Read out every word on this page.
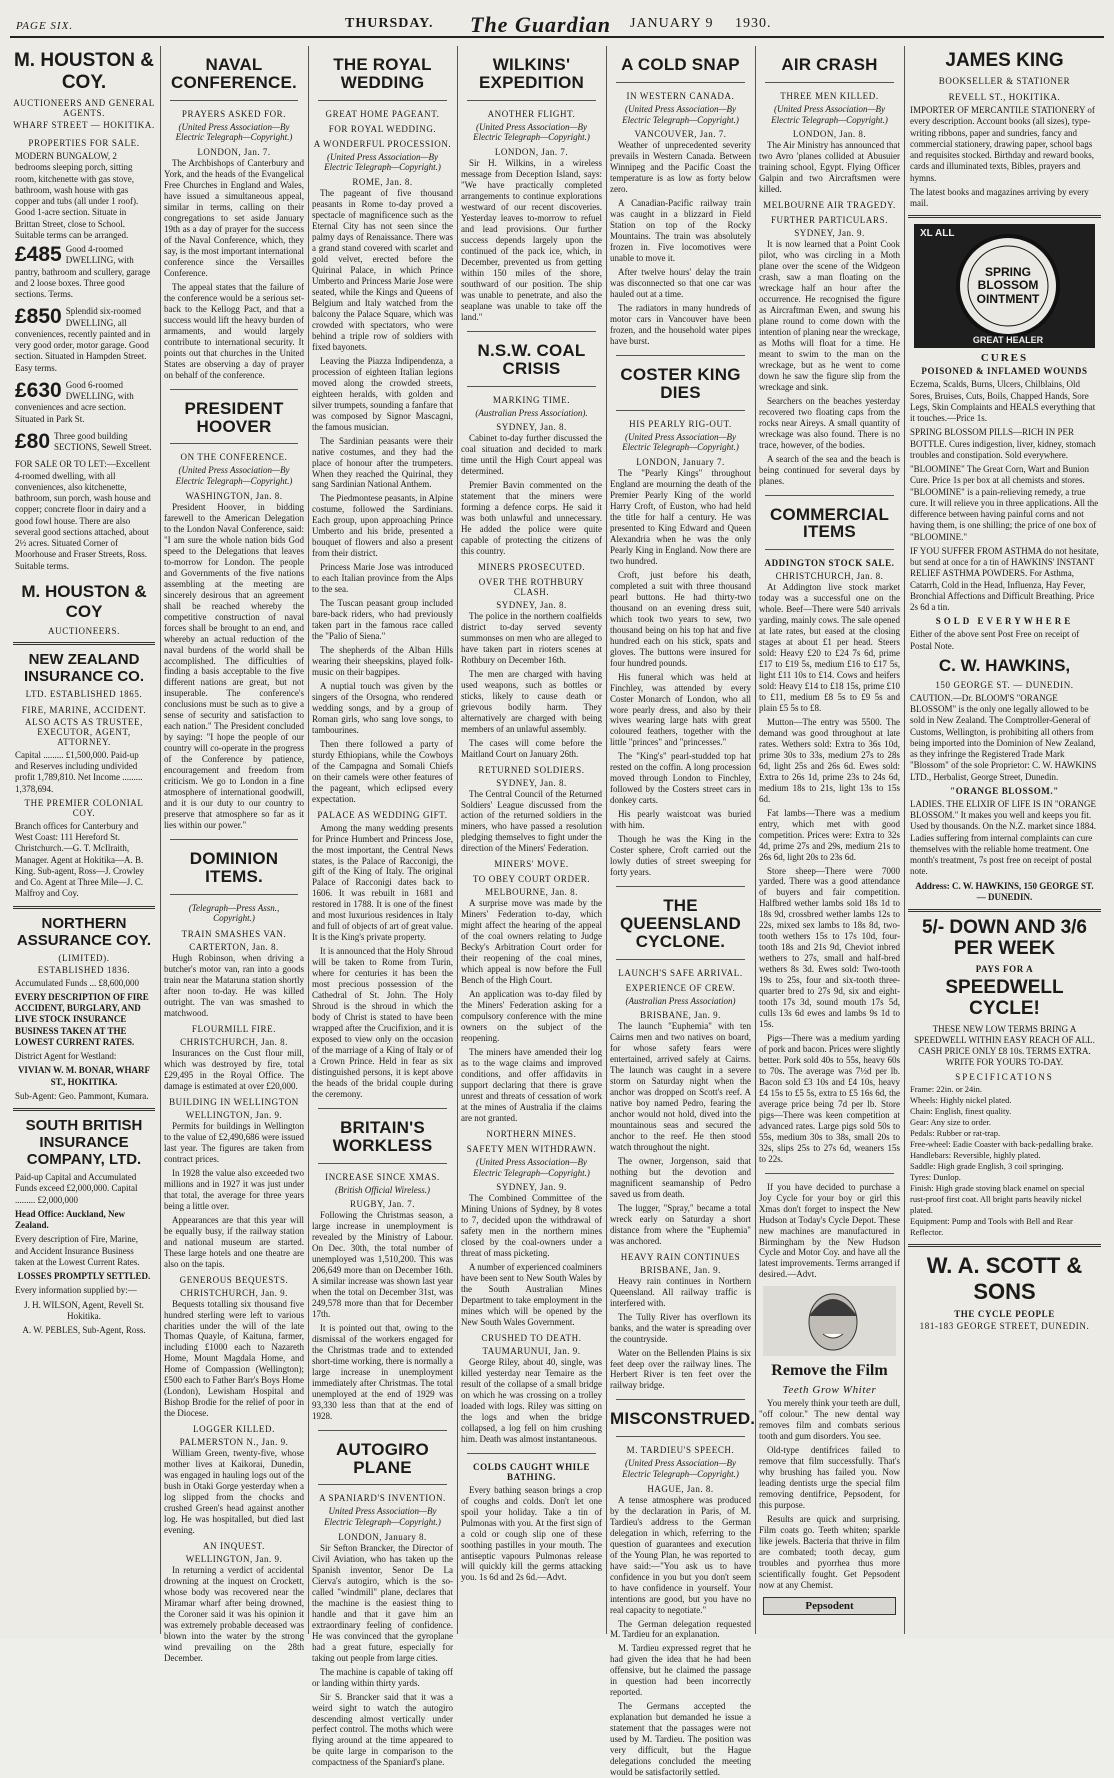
PAGE SIX.	THURSDAY. The Guardian JANUARY 9 1930.
M. HOUSTON & COY.
AUCTIONEERS AND GENERAL AGENTS.
WHARF STREET — HOKITIKA.
PROPERTIES FOR SALE.
MODERN BUNGALOW, 2 bedrooms sleeping porch, sitting room, kitchenette with gas stove, bathroom, wash house with gas copper and tubs (all under 1 roof). Good 1-acre section. Situate in Brittan Street, close to School. Suitable terms can be arranged.
£485 Good 4-roomed DWELLING, with pantry, bathroom and scullery, garage and 2 loose boxes. Three good sections. Terms.
£850 Splendid six-roomed DWELLING, all conveniences, recently painted and in very good order, motor garage. Good section. Situated in Hampden Street. Easy terms.
£630 Good 6-roomed DWELLING, with conveniences and acre section. Situated in Park St.
£80 Three good building SECTIONS, Sewell Street.
FOR SALE OR TO LET:—Excellent 4-roomed dwelling, with all conveniences, also kitchenette, bathroom, sun porch, wash house and copper; concrete floor in dairy and a good fowl house. There are also several good sections attached, about 2½ acres. Situated Corner of Moorhouse and Fraser Streets, Ross. Suitable terms.
M. HOUSTON & COY
AUCTIONEERS.
NEW ZEALAND INSURANCE CO.
LTD. ESTABLISHED 1865.
FIRE, MARINE, ACCIDENT.
ALSO ACTS AS TRUSTEE, EXECUTOR, AGENT, ATTORNEY.
Capital ......... £1,500,000. Paid-up and Reserves including undivided profit 1,789,810. Net Income ......... 1,378,694.
THE PREMIER COLONIAL COY.
Branch offices for Canterbury and West Coast: 111 Hereford St. Christchurch.—G. T. McIlraith, Manager. Agent at Hokitika—A. B. King. Sub-agent, Ross—J. Crowley and Co. Agent at Three Mile—J. C. Malfroy and Coy.
NORTHERN ASSURANCE COY.
(LIMITED).
ESTABLISHED 1836.
Accumulated Funds ... £8,600,000
EVERY DESCRIPTION OF FIRE ACCIDENT, BURGLARY, AND LIVE STOCK INSURANCE BUSINESS TAKEN AT THE LOWEST CURRENT RATES.
District Agent for Westland:
VIVIAN W. M. BONAR, WHARF ST., HOKITIKA.
Sub-Agent: Geo. Pammont, Kumara.
SOUTH BRITISH INSURANCE COMPANY, LTD.
Paid-up Capital and Accumulated Funds exceed £2,000,000. Capital ......... £2,000,000
Head Office: Auckland, New Zealand.
Every description of Fire, Marine, and Accident Insurance Business taken at the Lowest Current Rates.
LOSSES PROMPTLY SETTLED.
Every information supplied by:—
J. H. WILSON, Agent, Revell St. Hokitika.
A. W. PEBLES, Sub-Agent, Ross.
NAVAL CONFERENCE.
PRAYERS ASKED FOR.
(United Press Association—By Electric Telegraph—Copyright.)
LONDON, Jan. 7.
The Archbishops of Canterbury and York, and the heads of the Evangelical Free Churches in England and Wales, have issued a simultaneous appeal, similar in terms, calling on their congregations to set aside January 19th as a day of prayer for the success of the Naval Conference, which, they say, is the most important international conference since the Versailles Conference.
The appeal states that the failure of the conference would be a serious set-back to the Kellogg Pact, and that a success would lift the heavy burden of armaments, and would largely contribute to international security. It points out that churches in the United States are observing a day of prayer on behalf of the conference.
PRESIDENT HOOVER
ON THE CONFERENCE.
(United Press Association—By Electric Telegraph—Copyright.)
WASHINGTON, Jan. 8.
President Hoover, in bidding farewell to the American Delegation to the London Naval Conference, said: "I am sure the whole nation bids God speed to the Delegations that leaves to-morrow for London. The people and Governments of the five nations assembling at the meeting are sincerely desirous that an agreement shall be reached whereby the competitive construction of naval forces shall be brought to an end, and whereby an actual reduction of the naval burdens of the world shall be accomplished. The difficulties of finding a basis acceptable to the five different nations are great, but not insuperable. The conference's conclusions must be such as to give a sense of security and satisfaction to each nation." The President concluded by saying: "I hope the people of our country will co-operate in the progress of the Conference by patience, encouragement and freedom from criticism. We go to London in a fine atmosphere of international goodwill, and it is our duty to our country to preserve that atmosphere so far as it lies within our power."
DOMINION ITEMS.
(Telegraph—Press Assn., Copyright.)
TRAIN SMASHES VAN.
CARTERTON, Jan. 8.
Hugh Robinson, when driving a butcher's motor van, ran into a goods train near the Mataruna station shortly after noon to-day. He was killed outright. The van was smashed to matchwood.
FLOURMILL FIRE.
CHRISTCHURCH, Jan. 8.
Insurances on the Cust flour mill, which was destroyed by fire, total £29,495 in the Royal Office. The damage is estimated at over £20,000.
BUILDING IN WELLINGTON
WELLINGTON, Jan. 9.
Permits for buildings in Wellington to the value of £2,490,686 were issued last year. The figures are taken from contract prices.
In 1928 the value also exceeded two millions and in 1927 it was just under that total, the average for three years being a little over.
Appearances are that this year will be equally busy, if the railway station and national museum are started. These large hotels and one theatre are also on the tapis.
GENEROUS BEQUESTS.
CHRISTCHURCH, Jan. 9.
Bequests totalling six thousand five hundred sterling were left to various charities under the will of the late Thomas Quayle, of Kaituna, farmer, including £1000 each to Nazareth Home, Mount Magdala Home, and Home of Compassion (Wellington); £500 each to Father Barr's Boys Home (London), Lewisham Hospital and Bishop Brodie for the relief of poor in the Diocese.
LOGGER KILLED.
PALMERSTON N., Jan. 9.
William Green, twenty-five, whose mother lives at Kaikorai, Dunedin, was engaged in hauling logs out of the bush in Otaki Gorge yesterday when a log slipped from the chocks and crushed Green's head against another log. He was hospitalled, but died last evening.
AN INQUEST.
WELLINGTON, Jan. 9.
In returning a verdict of accidental drowning at the inquest on Crockett, whose body was recovered near the Miramar wharf after being drowned, the Coroner said it was his opinion it was extremely probable deceased was blown into the water by the strong wind prevailing on the 28th December.
THE ROYAL WEDDING
GREAT HOME PAGEANT.
FOR ROYAL WEDDING.
A WONDERFUL PROCESSION.
(United Press Association—By Electric Telegraph—Copyright.)
ROME, Jan. 8.
The pageant of five thousand peasants in Rome to-day proved a spectacle of magnificence such as the Eternal City has not seen since the palmy days of Renaissance. There was a grand stand covered with scarlet and gold velvet, erected before the Quirinal Palace, in which Prince Umberto and Princess Marie Jose were seated, while the Kings and Queens of Belgium and Italy watched from the balcony the Palace Square, which was crowded with spectators, who were behind a triple row of soldiers with fixed bayonets.
Leaving the Piazza Indipendenza, a procession of eighteen Italian legions moved along the crowded streets, eighteen heralds, with golden and silver trumpets, sounding a fanfare that was composed by Signor Mascagni, the famous musician.
The Sardinian peasants were their native costumes, and they had the place of honour after the trumpeters. When they reached the Quirinal, they sang Sardinian National Anthem.
The Piedmontese peasants, in Alpine costume, followed the Sardinians. Each group, upon approaching Prince Umberto and his bride, presented a bouquet of flowers and also a present from their district.
Princess Marie Jose was introduced to each Italian province from the Alps to the sea.
The Tuscan peasant group included bare-back riders, who had previously taken part in the famous race called the "Palio of Siena."
The shepherds of the Alban Hills wearing their sheepskins, played folk-music on their bagpipes.
A nuptial touch was given by the singers of the Orsogna, who rendered wedding songs, and by a group of Roman girls, who sang love songs, to tambourines.
Then there followed a party of sturdy Ethiopians, while the Cowboys of the Campagna and Somali Chiefs on their camels were other features of the pageant, which eclipsed every expectation.
PALACE AS WEDDING GIFT.
Among the many wedding presents for Prince Humbert and Princess Jose, the most important, the Central News states, is the Palace of Racconigi, the gift of the King of Italy. The original Palace of Racconigi dates back to 1606. It was rebuilt in 1681 and restored in 1788. It is one of the finest and most luxurious residences in Italy and full of objects of art of great value. It is the King's private property.
It is announced that the Holy Shroud will be taken to Rome from Turin, where for centuries it has been the most precious possession of the Cathedral of St. John. The Holy Shroud is the shroud in which the body of Christ is stated to have been wrapped after the Crucifixion, and it is exposed to view only on the occasion of the marriage of a King of Italy or of a Crown Prince. Held in fear as six distinguished persons, it is kept above the heads of the bridal couple during the ceremony.
BRITAIN'S WORKLESS
INCREASE SINCE XMAS.
(British Official Wireless.)
RUGBY, Jan. 7.
Following the Christmas season, a large increase in unemployment is revealed by the Ministry of Labour. On Dec. 30th, the total number of unemployed was 1,510,200. This was 206,649 more than on December 16th. A similar increase was shown last year when the total on December 31st, was 249,578 more than that for December 17th.
It is pointed out that, owing to the dismissal of the workers engaged for the Christmas trade and to extended short-time working, there is normally a large increase in unemployment immediately after Christmas. The total unemployed at the end of 1929 was 93,330 less than that at the end of 1928.
AUTOGIRO PLANE
A SPANIARD'S INVENTION.
United Press Association—By Electric Telegraph—Copyright.)
LONDON, January 8.
Sir Sefton Brancker, the Director of Civil Aviation, who has taken up the Spanish inventor, Senor De La Cierva's autogiro, which is the so-called "windmill" plane, declares that the machine is the easiest thing to handle and that it gave him an extraordinary feeling of confidence. He was convinced that the gyroplane had a great future, especially for taking out people from large cities.
The machine is capable of taking off or landing within thirty yards.
Sir S. Brancker said that it was a weird sight to watch the autogiro descending almost vertically under perfect control. The moths which were flying around at the time appeared to be quite large in comparison to the compactness of the Spaniard's plane.
WILKINS' EXPEDITION
ANOTHER FLIGHT.
(United Press Association—By Electric Telegraph—Copyright.)
LONDON, Jan. 7.
Sir H. Wilkins, in a wireless message from Deception Island, says: "We have practically completed arrangements to continue explorations westward of our recent discoveries. Yesterday leaves to-morrow to refuel and lead provisions. Our further success depends largely upon the continued of the pack ice, which, in December, prevented us from getting within 150 miles of the shore, southward of our position. The ship was unable to penetrate, and also the seaplane was unable to take off the land."
N.S.W. COAL CRISIS
MARKING TIME.
(Australian Press Association).
SYDNEY, Jan. 8.
Cabinet to-day further discussed the coal situation and decided to mark time until the High Court appeal was determined.
Premier Bavin commented on the statement that the miners were forming a defence corps. He said it was both unlawful and unnecessary. He added the police were quite capable of protecting the citizens of this country.
MINERS PROSECUTED.
OVER THE ROTHBURY CLASH.
SYDNEY, Jan. 8.
The police in the northern coalfields district to-day served seventy summonses on men who are alleged to have taken part in rioters scenes at Rothbury on December 16th.
The men are charged with having used weapons, such as bottles or sticks, likely to cause death or grievous bodily harm. They alternatively are charged with being members of an unlawful assembly.
The cases will come before the Maitland Court on January 26th.
RETURNED SOLDIERS.
SYDNEY, Jan. 8.
The Central Council of the Returned Soldiers' League discussed from the action of the returned soldiers in the miners, who have passed a resolution pledging themselves to fight under the direction of the Miners' Federation.
MINERS' MOVE.
TO OBEY COURT ORDER.
MELBOURNE, Jan. 8.
A surprise move was made by the Miners' Federation to-day, which might affect the hearing of the appeal of the coal owners relating to Judge Becky's Arbitration Court order for their reopening of the coal mines, which appeal is now before the Full Bench of the High Court.
An application was to-day filed by the Miners' Federation asking for a compulsory conference with the mine owners on the subject of the reopening.
The miners have amended their log as to the wage claims and improved conditions, and offer affidavits in support declaring that there is grave unrest and threats of cessation of work at the mines of Australia if the claims are not granted.
NORTHERN MINES.
SAFETY MEN WITHDRAWN.
(United Press Association—By Electric Telegraph—Copyright.)
SYDNEY, Jan. 9.
The Combined Committee of the Mining Unions of Sydney, by 8 votes to 7, decided upon the withdrawal of safety men in the northern mines closed by the coal-owners under a threat of mass picketing.
A number of experienced coalminers have been sent to New South Wales by the South Australian Mines Department to take employment in the mines which will be opened by the New South Wales Government.
CRUSHED TO DEATH.
TAUMARUNUI, Jan. 9.
George Riley, about 40, single, was killed yesterday near Temaire as the result of the collapse of a small bridge on which he was crossing on a trolley loaded with logs. Riley was sitting on the logs and when the bridge collapsed, a log fell on him crushing him. Death was almost instantaneous.
COLDS CAUGHT WHILE BATHING.
Every bathing season brings a crop of coughs and colds. Don't let one spoil your holiday. Take a tin of Pulmonas with you. At the first sign of a cold or cough slip one of these soothing pastilles in your mouth. The antiseptic vapours Pulmonas release will quickly kill the germs attacking you. 1s 6d and 2s 6d.—Advt.
A COLD SNAP
IN WESTERN CANADA.
(United Press Association—By Electric Telegraph—Copyright.)
VANCOUVER, Jan. 7.
Weather of unprecedented severity prevails in Western Canada. Between Winnipeg and the Pacific Coast the temperature is as low as forty below zero.
A Canadian-Pacific railway train was caught in a blizzard in Field Station on top of the Rocky Mountains. The train was absolutely frozen in. Five locomotives were unable to move it.
After twelve hours' delay the train was disconnected so that one car was hauled out at a time.
The radiators in many hundreds of motor cars in Vancouver have been frozen, and the household water pipes have burst.
COSTER KING DIES
HIS PEARLY RIG-OUT.
(United Press Association—By Electric Telegraph—Copyright.)
LONDON, January 7.
The "Pearly Kings" throughout England are mourning the death of the Premier Pearly King of the world Harry Croft, of Euston, who had held the title for half a century. He was presented to King Edward and Queen Alexandria when he was the only Pearly King in England. Now there are two hundred.
Croft, just before his death, completed a suit with three thousand pearl buttons. He had thirty-two thousand on an evening dress suit, which took two years to sew, two thousand being on his top hat and five hundred each on his stick, spats and gloves. The buttons were insured for four hundred pounds.
His funeral which was held at Finchley, was attended by every Coster Monarch of London, who all wore pearly dress, and also by their wives wearing large hats with great coloured feathers, together with the little "princes" and "princesses."
The "King's" pearl-studded top hat rested on the coffin. A long procession moved through London to Finchley, followed by the Costers street cars in donkey carts.
His pearly waistcoat was buried with him.
Though he was the King in the Coster sphere, Croft carried out the lowly duties of street sweeping for forty years.
THE QUEENSLAND CYCLONE.
LAUNCH'S SAFE ARRIVAL.
EXPERIENCE OF CREW.
(Australian Press Association)
BRISBANE, Jan. 9.
The launch "Euphemia" with ten Cairns men and two natives on board, for whose safety fears were entertained, arrived safely at Cairns. The launch was caught in a severe storm on Saturday night when the anchor was dropped on Scott's reef. A native boy named Pedro, fearing the anchor would not hold, dived into the mountainous seas and secured the anchor to the reef. He then stood watch throughout the night.
The owner, Jorgenson, said that nothing but the devotion and magnificent seamanship of Pedro saved us from death.
The lugger, "Spray," became a total wreck early on Saturday a short distance from where the "Euphemia" was anchored.
HEAVY RAIN CONTINUES
BRISBANE, Jan. 9.
Heavy rain continues in Northern Queensland. All railway traffic is interfered with.
The Tully River has overflown its banks, and the water is spreading over the countryside.
Water on the Bellenden Plains is six feet deep over the railway lines. The Herbert River is ten feet over the railway bridge.
MISCONSTRUED.
M. TARDIEU'S SPEECH.
(United Press Association—By Electric Telegraph—Copyright.)
HAGUE, Jan. 8.
A tense atmosphere was produced by the declaration in Paris, of M. Tardieu's address to the German delegation in which, referring to the question of guarantees and execution of the Young Plan, he was reported to have said:—"You ask us to have confidence in you but you don't seem to have confidence in yourself. Your intentions are good, but you have no real capacity to negotiate."
The German delegation requested M. Tardieu for an explanation.
M. Tardieu expressed regret that he had given the idea that he had been offensive, but he claimed the passage in question had been incorrectly reported.
The Germans accepted the explanation but demanded he issue a statement that the passages were not used by M. Tardieu. The position was very difficult, but the Hague delegations concluded the meeting would be satisfactorily settled.
AIR CRASH
THREE MEN KILLED.
(United Press Association—By Electric Telegraph—Copyright.)
LONDON, Jan. 8.
The Air Ministry has announced that two Avro 'planes collided at Abusuier training school, Egypt. Flying Officer Galpin and two Aircraftsmen were killed.
MELBOURNE AIR TRAGEDY.
FURTHER PARTICULARS.
SYDNEY, Jan. 9.
It is now learned that a Point Cook pilot, who was circling in a Moth plane over the scene of the Widgeon crash, saw a man floating on the wreckage half an hour after the occurrence. He recognised the figure as Aircraftman Ewen, and swung his plane round to come down with the intention of planing near the wreckage, as Moths will float for a time. He meant to swim to the man on the wreckage, but as he went to come down he saw the figure slip from the wreckage and sink.
Searchers on the beaches yesterday recovered two floating caps from the rocks near Aireys. A small quantity of wreckage was also found. There is no trace, however, of the bodies.
A search of the sea and the beach is being continued for several days by planes.
COMMERCIAL ITEMS
ADDINGTON STOCK SALE.
CHRISTCHURCH, Jan. 8.
At Addington live stock market today was a successful one on the whole. Beef—There were 540 arrivals yarding, mainly cows. The sale opened at late rates, but eased at the closing stages at about £1 per head. Steers sold: Heavy £20 to £24 7s 6d, prime £17 to £19 5s, medium £16 to £17 5s, light £11 10s to £14. Cows and heifers sold: Heavy £14 to £18 15s, prime £10 to £11, medium £8 5s to £9 5s and plain £5 5s to £8.
Mutton—The entry was 5500. The demand was good throughout at late rates. Wethers sold: Extra to 36s 10d, prime 30s to 33s, medium 27s to 28s 6d, light 25s and 26s 6d. Ewes sold: Extra to 26s 1d, prime 23s to 24s 6d, medium 18s to 21s, light 13s to 15s 6d.
Fat lambs—There was a medium entry, which met with good competition. Prices were: Extra to 32s 4d, prime 27s and 29s, medium 21s to 26s 6d, light 20s to 23s 6d.
Store sheep—There were 7000 yarded. There was a good attendance of buyers and fair competition. Halfbred wether lambs sold 18s 1d to 18s 9d, crossbred wether lambs 12s to 22s, mixed sex lambs to 18s 8d, two-tooth wethers 15s to 17s 10d, four-tooth 18s and 21s 9d, Cheviot inbred wethers to 27s, small and half-bred wethers 8s 3d. Ewes sold: Two-tooth 19s to 25s, four and six-tooth three-quarter bred to 27s 9d, six and eight-tooth 17s 3d, sound mouth 17s 5d, culls 13s 6d ewes and lambs 9s 1d to 15s.
Pigs—There was a medium yarding of pork and bacon. Prices were slightly better. Pork sold 40s to 55s, heavy 60s to 70s. The average was 7½d per lb. Bacon sold £3 10s and £4 10s, heavy £4 15s to £5 5s, extra to £5 16s 6d, the average price being 7d per lb. Store pigs—There was keen competition at advanced rates. Large pigs sold 50s to 55s, medium 30s to 38s, small 20s to 32s, slips 25s to 27s 6d, weaners 15s to 22s.
If you have decided to purchase a Joy Cycle for your boy or girl this Xmas don't forget to inspect the New Hudson at Today's Cycle Depot. These new machines are manufactured in Birmingham by the New Hudson Cycle and Motor Coy. and have all the latest improvements. Terms arranged if desired.—Advt.
Remove the Film
Teeth Grow Whiter
You merely think your teeth are dull, "off colour." The new dental way removes film and combats serious tooth and gum disorders. You see.
Old-type dentifrices failed to remove that film successfully. That's why brushing has failed you. Now leading dentists urge the special film removing dentifrice, Pepsodent, for this purpose.
Results are quick and surprising. Film coats go. Teeth whiten; sparkle like jewels. Bacteria that thrive in film are combated; tooth decay, gum troubles and pyorrhea thus more scientifically fought. Get Pepsodent now at any Chemist.
Pepsodent
JAMES KING
BOOKSELLER & STATIONER
REVELL ST., HOKITIKA.
IMPORTER OF MERCANTILE STATIONERY of every description. Account books (all sizes), type-writing ribbons, paper and sundries, fancy and commercial stationery, drawing paper, school bags and requisites stocked. Birthday and reward books, cards and illuminated texts, Bibles, prayers and hymns.
The latest books and magazines arriving by every mail.
XL ALL
SPRING BLOSSOM OINTMENT
GREAT HEALER
CURES
POISONED & INFLAMED WOUNDS
Eczema, Scalds, Burns, Ulcers, Chilblains, Old Sores, Bruises, Cuts, Boils, Chapped Hands, Sore Legs, Skin Complaints and HEALS everything that it touches.—Price 1s.
SPRING BLOSSOM PILLS—RICH IN PER BOTTLE. Cures indigestion, liver, kidney, stomach troubles and constipation. Sold everywhere.
"BLOOMINE" The Great Corn, Wart and Bunion Cure. Price 1s per box at all chemists and stores. "BLOOMINE" is a pain-relieving remedy, a true cure. It will relieve you in three applications. All the difference between having painful corns and not having them, is one shilling; the price of one box of "BLOOMINE."
IF YOU SUFFER FROM ASTHMA do not hesitate, but send at once for a tin of HAWKINS' INSTANT RELIEF ASTHMA POWDERS. For Asthma, Catarrh, Cold in the Head, Influenza, Hay Fever, Bronchial Affections and Difficult Breathing. Price 2s 6d a tin.
SOLD EVERYWHERE
Either of the above sent Post Free on receipt of Postal Note.
C. W. HAWKINS,
150 GEORGE ST. — DUNEDIN.
CAUTION.—Dr. BLOOM'S "ORANGE BLOSSOM" is the only one legally allowed to be sold in New Zealand. The Comptroller-General of Customs, Wellington, is prohibiting all others from being imported into the Dominion of New Zealand, as they infringe the Registered Trade Mark "Blossom" of the sole Proprietor: C. W. HAWKINS LTD., Herbalist, George Street, Dunedin.
"ORANGE BLOSSOM."
LADIES. THE ELIXIR OF LIFE IS IN "ORANGE BLOSSOM." It makes you well and keeps you fit. Used by thousands. On the N.Z. market since 1884. Ladies suffering from internal complaints can cure themselves with the reliable home treatment. One month's treatment, 7s post free on receipt of postal note.
Address: C. W. HAWKINS, 150 GEORGE ST. — DUNEDIN.
5/- DOWN AND 3/6 PER WEEK
PAYS FOR A
SPEEDWELL CYCLE!
THESE NEW LOW TERMS BRING A SPEEDWELL WITHIN EASY REACH OF ALL. CASH PRICE ONLY £8 10s. TERMS EXTRA. WRITE FOR YOURS TO-DAY.
SPECIFICATIONS
Frame: 22in. or 24in.
Wheels: Highly nickel plated.
Chain: English, finest quality.
Gear: Any size to order.
Pedals: Rubber or rat-trap.
Free-wheel: Eadie Coaster with back-pedalling brake.
Handlebars: Reversible, highly plated.
Saddle: High grade English, 3 coil springing.
Tyres: Dunlop.
Finish: High grade stoving black enamel on special rust-proof first coat. All bright parts heavily nickel plated.
Equipment: Pump and Tools with Bell and Rear Reflector.
W. A. SCOTT & SONS
THE CYCLE PEOPLE
181-183 GEORGE STREET, DUNEDIN.
